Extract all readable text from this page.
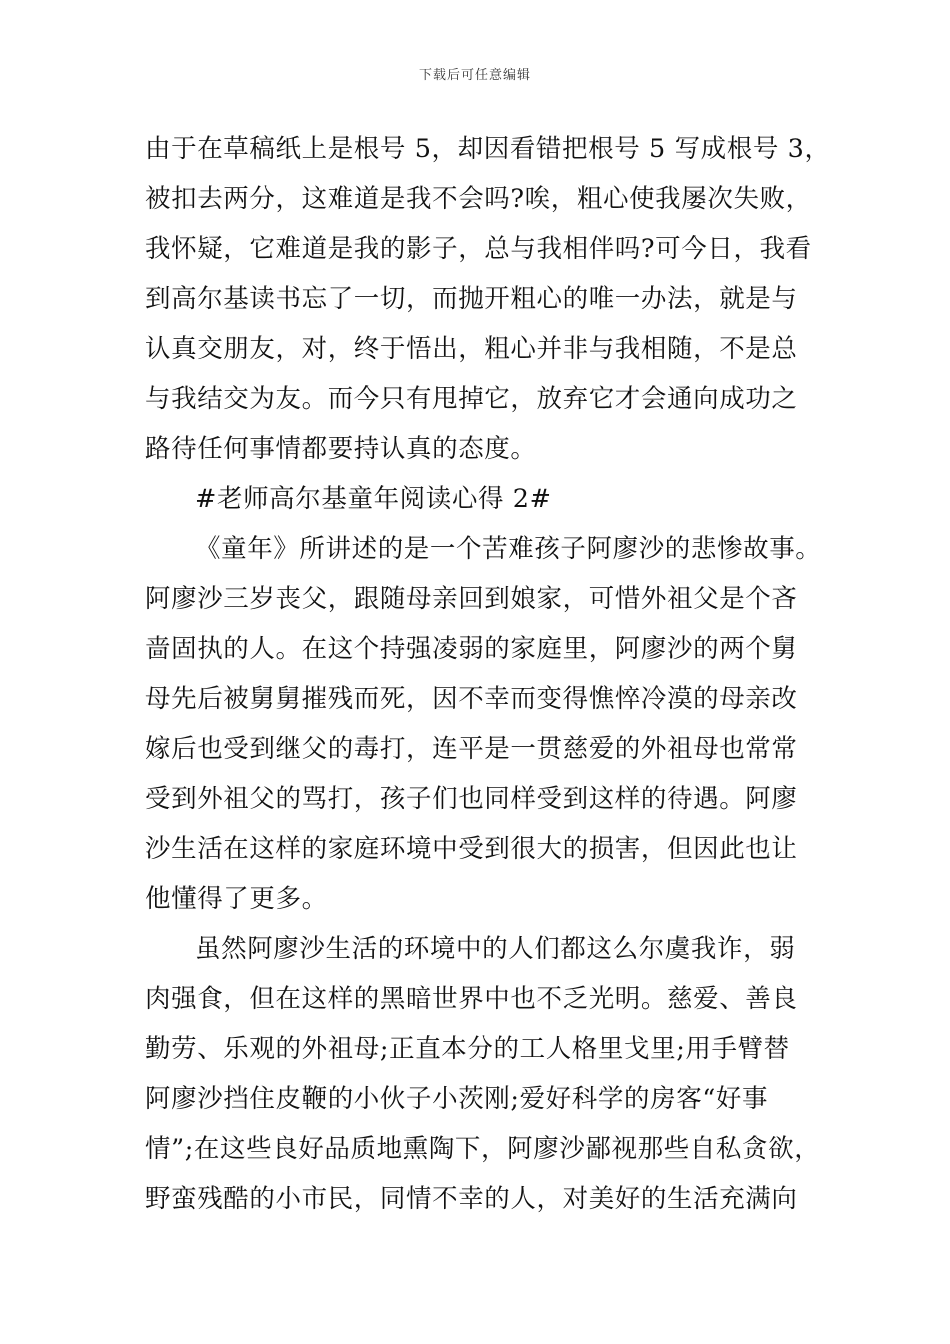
下载后可任意编辑
由于在草稿纸上是根号 5，却因看错把根号 5 写成根号 3，
被扣去两分，这难道是我不会吗?唉，粗心使我屡次失败，
我怀疑，它难道是我的影子，总与我相伴吗?可今日，我看
到高尔基读书忘了一切，而抛开粗心的唯一办法，就是与
认真交朋友，对，终于悟出，粗心并非与我相随，不是总
与我结交为友。而今只有甩掉它，放弃它才会通向成功之
路待任何事情都要持认真的态度。
#老师高尔基童年阅读心得 2#
《童年》所讲述的是一个苦难孩子阿廖沙的悲惨故事。
阿廖沙三岁丧父，跟随母亲回到娘家，可惜外祖父是个吝
啬固执的人。在这个持强凌弱的家庭里，阿廖沙的两个舅
母先后被舅舅摧残而死，因不幸而变得憔悴冷漠的母亲改
嫁后也受到继父的毒打，连平是一贯慈爱的外祖母也常常
受到外祖父的骂打，孩子们也同样受到这样的待遇。阿廖
沙生活在这样的家庭环境中受到很大的损害，但因此也让
他懂得了更多。
虽然阿廖沙生活的环境中的人们都这么尔虞我诈，弱
肉强食，但在这样的黑暗世界中也不乏光明。慈爱、善良
勤劳、乐观的外祖母;正直本分的工人格里戈里;用手臂替
阿廖沙挡住皮鞭的小伙子小茨刚;爱好科学的房客“好事
情”;在这些良好品质地熏陶下，阿廖沙鄙视那些自私贪欲，
野蛮残酷的小市民，同情不幸的人，对美好的生活充满向
